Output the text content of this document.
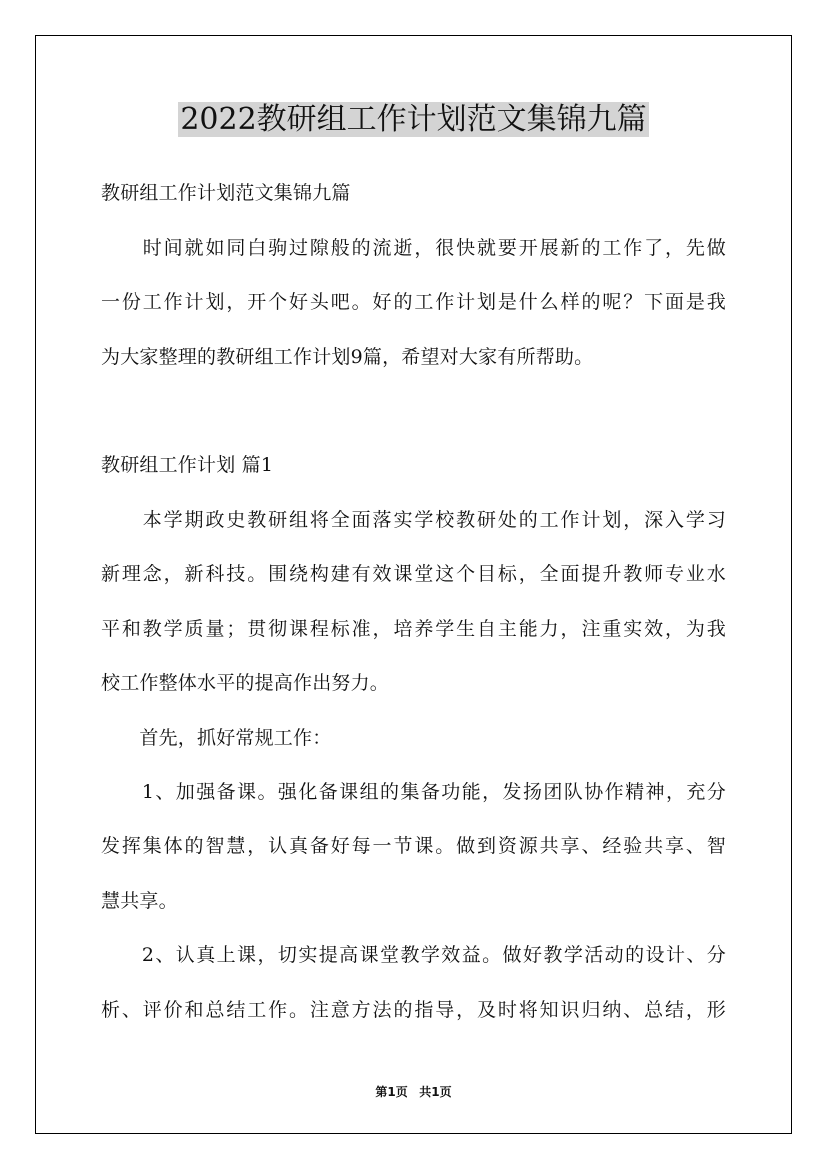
2022教研组工作计划范文集锦九篇
教研组工作计划范文集锦九篇
　　时间就如同白驹过隙般的流逝，很快就要开展新的工作了，先做
一份工作计划，开个好头吧。好的工作计划是什么样的呢？下面是我
为大家整理的教研组工作计划9篇，希望对大家有所帮助。
教研组工作计划 篇1
　　本学期政史教研组将全面落实学校教研处的工作计划，深入学习
新理念，新科技。围绕构建有效课堂这个目标，全面提升教师专业水
平和教学质量；贯彻课程标准，培养学生自主能力，注重实效，为我
校工作整体水平的提高作出努力。
　　首先，抓好常规工作：
　　1、加强备课。强化备课组的集备功能，发扬团队协作精神，充分
发挥集体的智慧，认真备好每一节课。做到资源共享、经验共享、智
慧共享。
　　2、认真上课，切实提高课堂教学效益。做好教学活动的设计、分
析、评价和总结工作。注意方法的指导，及时将知识归纳、总结，形
第1页 共1页
